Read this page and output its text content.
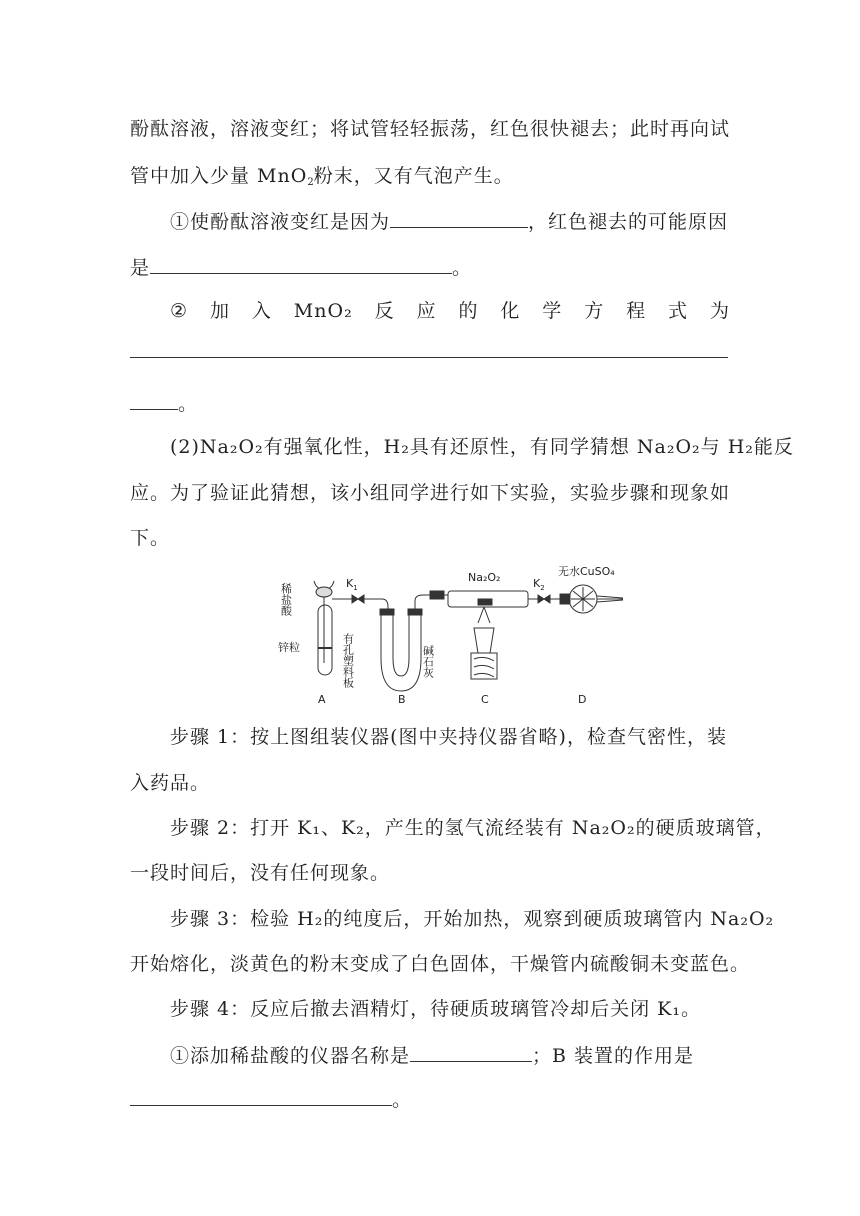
酚酞溶液，溶液变红；将试管轻轻振荡，红色很快褪去；此时再向试
管中加入少量 MnO$_2$粉末，又有气泡产生。
①使酚酞溶液变红是因为	，红色褪去的可能原因
是	。
② 加 入 MnO₂ 反 应 的 化 学 方 程 式 为
。
(2)Na₂O₂有强氧化性，H₂具有还原性，有同学猜想 Na₂O₂与 H₂能反
应。为了验证此猜想，该小组同学进行如下实验，实验步骤和现象如
下。
稀盐酸	$K_1$
锌粒	有孔塑料板	碱石灰
Na₂O₂	$K_2$
无水CuSO₄
A	B	C	D
步骤 1：按上图组装仪器(图中夹持仪器省略)，检查气密性，装
入药品。
步骤 2：打开 K₁、K₂，产生的氢气流经装有 Na₂O₂的硬质玻璃管，
一段时间后，没有任何现象。
步骤 3：检验 H₂的纯度后，开始加热，观察到硬质玻璃管内 Na₂O₂
开始熔化，淡黄色的粉末变成了白色固体，干燥管内硫酸铜未变蓝色。
步骤 4：反应后撤去酒精灯，待硬质玻璃管冷却后关闭 K₁。
①添加稀盐酸的仪器名称是	；B 装置的作用是
。
